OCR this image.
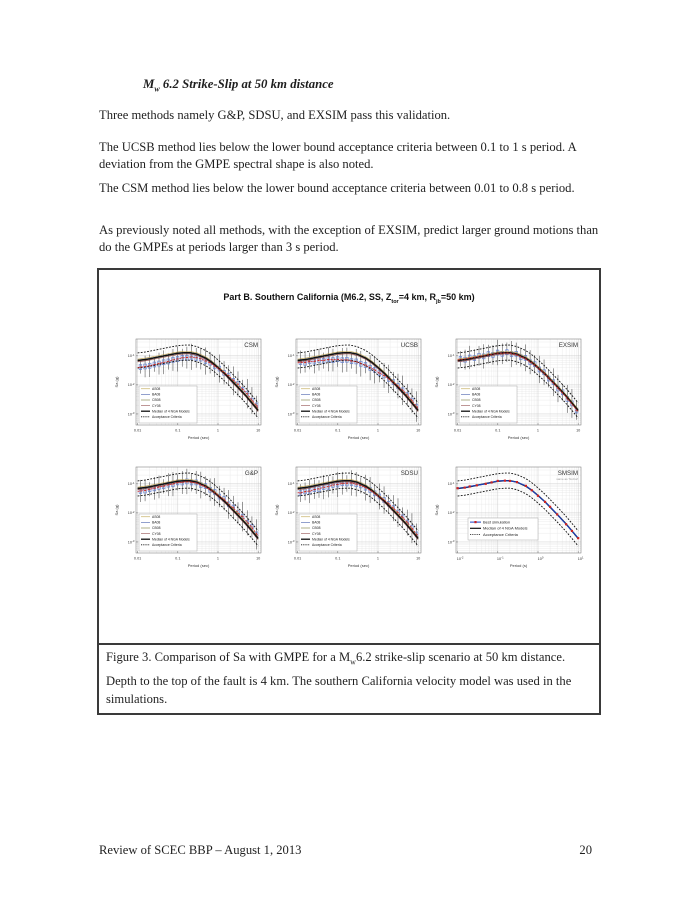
$M_w$ 6.2 Strike-Slip at 50 km distance

Three methods namely G&P, SDSU, and EXSIM pass this validation.

The UCSB method lies below the lower bound acceptance criteria between 0.1 to 1 s period. A deviation from the GMPE spectral shape is also noted.

The CSM method lies below the lower bound acceptance criteria between 0.01 to 0.8 s period.

As previously noted all methods, with the exception of EXSIM, predict larger ground motions than do the GMPEs at periods larger than 3 s period.

Part B. Southern California (M6.2, SS, $Z_{tor}=4$ km, $R_{jb}=50$ km)
0.01	0.1	1	10
$10^{-3}$
$10^{-2}$
$10^{-1}$
Period (sec)
Sa (g)
CSM
AS08
BA08
CB08
CY08
Median of 4 NGA Models
Acceptance Criteria
0.01	0.1	1	10
$10^{-3}$
$10^{-2}$
$10^{-1}$
Period (sec)
Sa (g)
UCSB
AS08
BA08
CB08
CY08
Median of 4 NGA Models
Acceptance Criteria
0.01	0.1	1	10
$10^{-3}$
$10^{-2}$
$10^{-1}$
Period (sec)
Sa (g)
EXSIM
AS08
BA08
CB08
CY08
Median of 4 NGA Models
Acceptance Criteria
0.01	0.1	1	10
$10^{-3}$
$10^{-2}$
$10^{-1}$
Period (sec)
Sa (g)
G&P
AS08
BA08
CB08
CY08
Median of 4 NGA Models
Acceptance Criteria
0.01	0.1	1	10
$10^{-3}$
$10^{-2}$
$10^{-1}$
Period (sec)
Sa (g)
SDSU
AS08
BA08
CB08
CY08
Median of 4 NGA Models
Acceptance Criteria
$10^{-2}$	$10^{-1}$	$10^0$	$10^1$
$10^{-3}$
$10^{-2}$
$10^{-1}$
Period (s)
Sa (g)
SMSIM
same as 'NoCal'
Best simulation
Median of 4 NGA Models
Acceptance Criteria
Figure 3. Comparison of Sa with GMPE for a $M_w6.2$ strike-slip scenario at 50 km distance. Depth to the top of the fault is 4 km. The southern California velocity model was used in the simulations.
Review of SCEC BBP – August 1, 2013	20
